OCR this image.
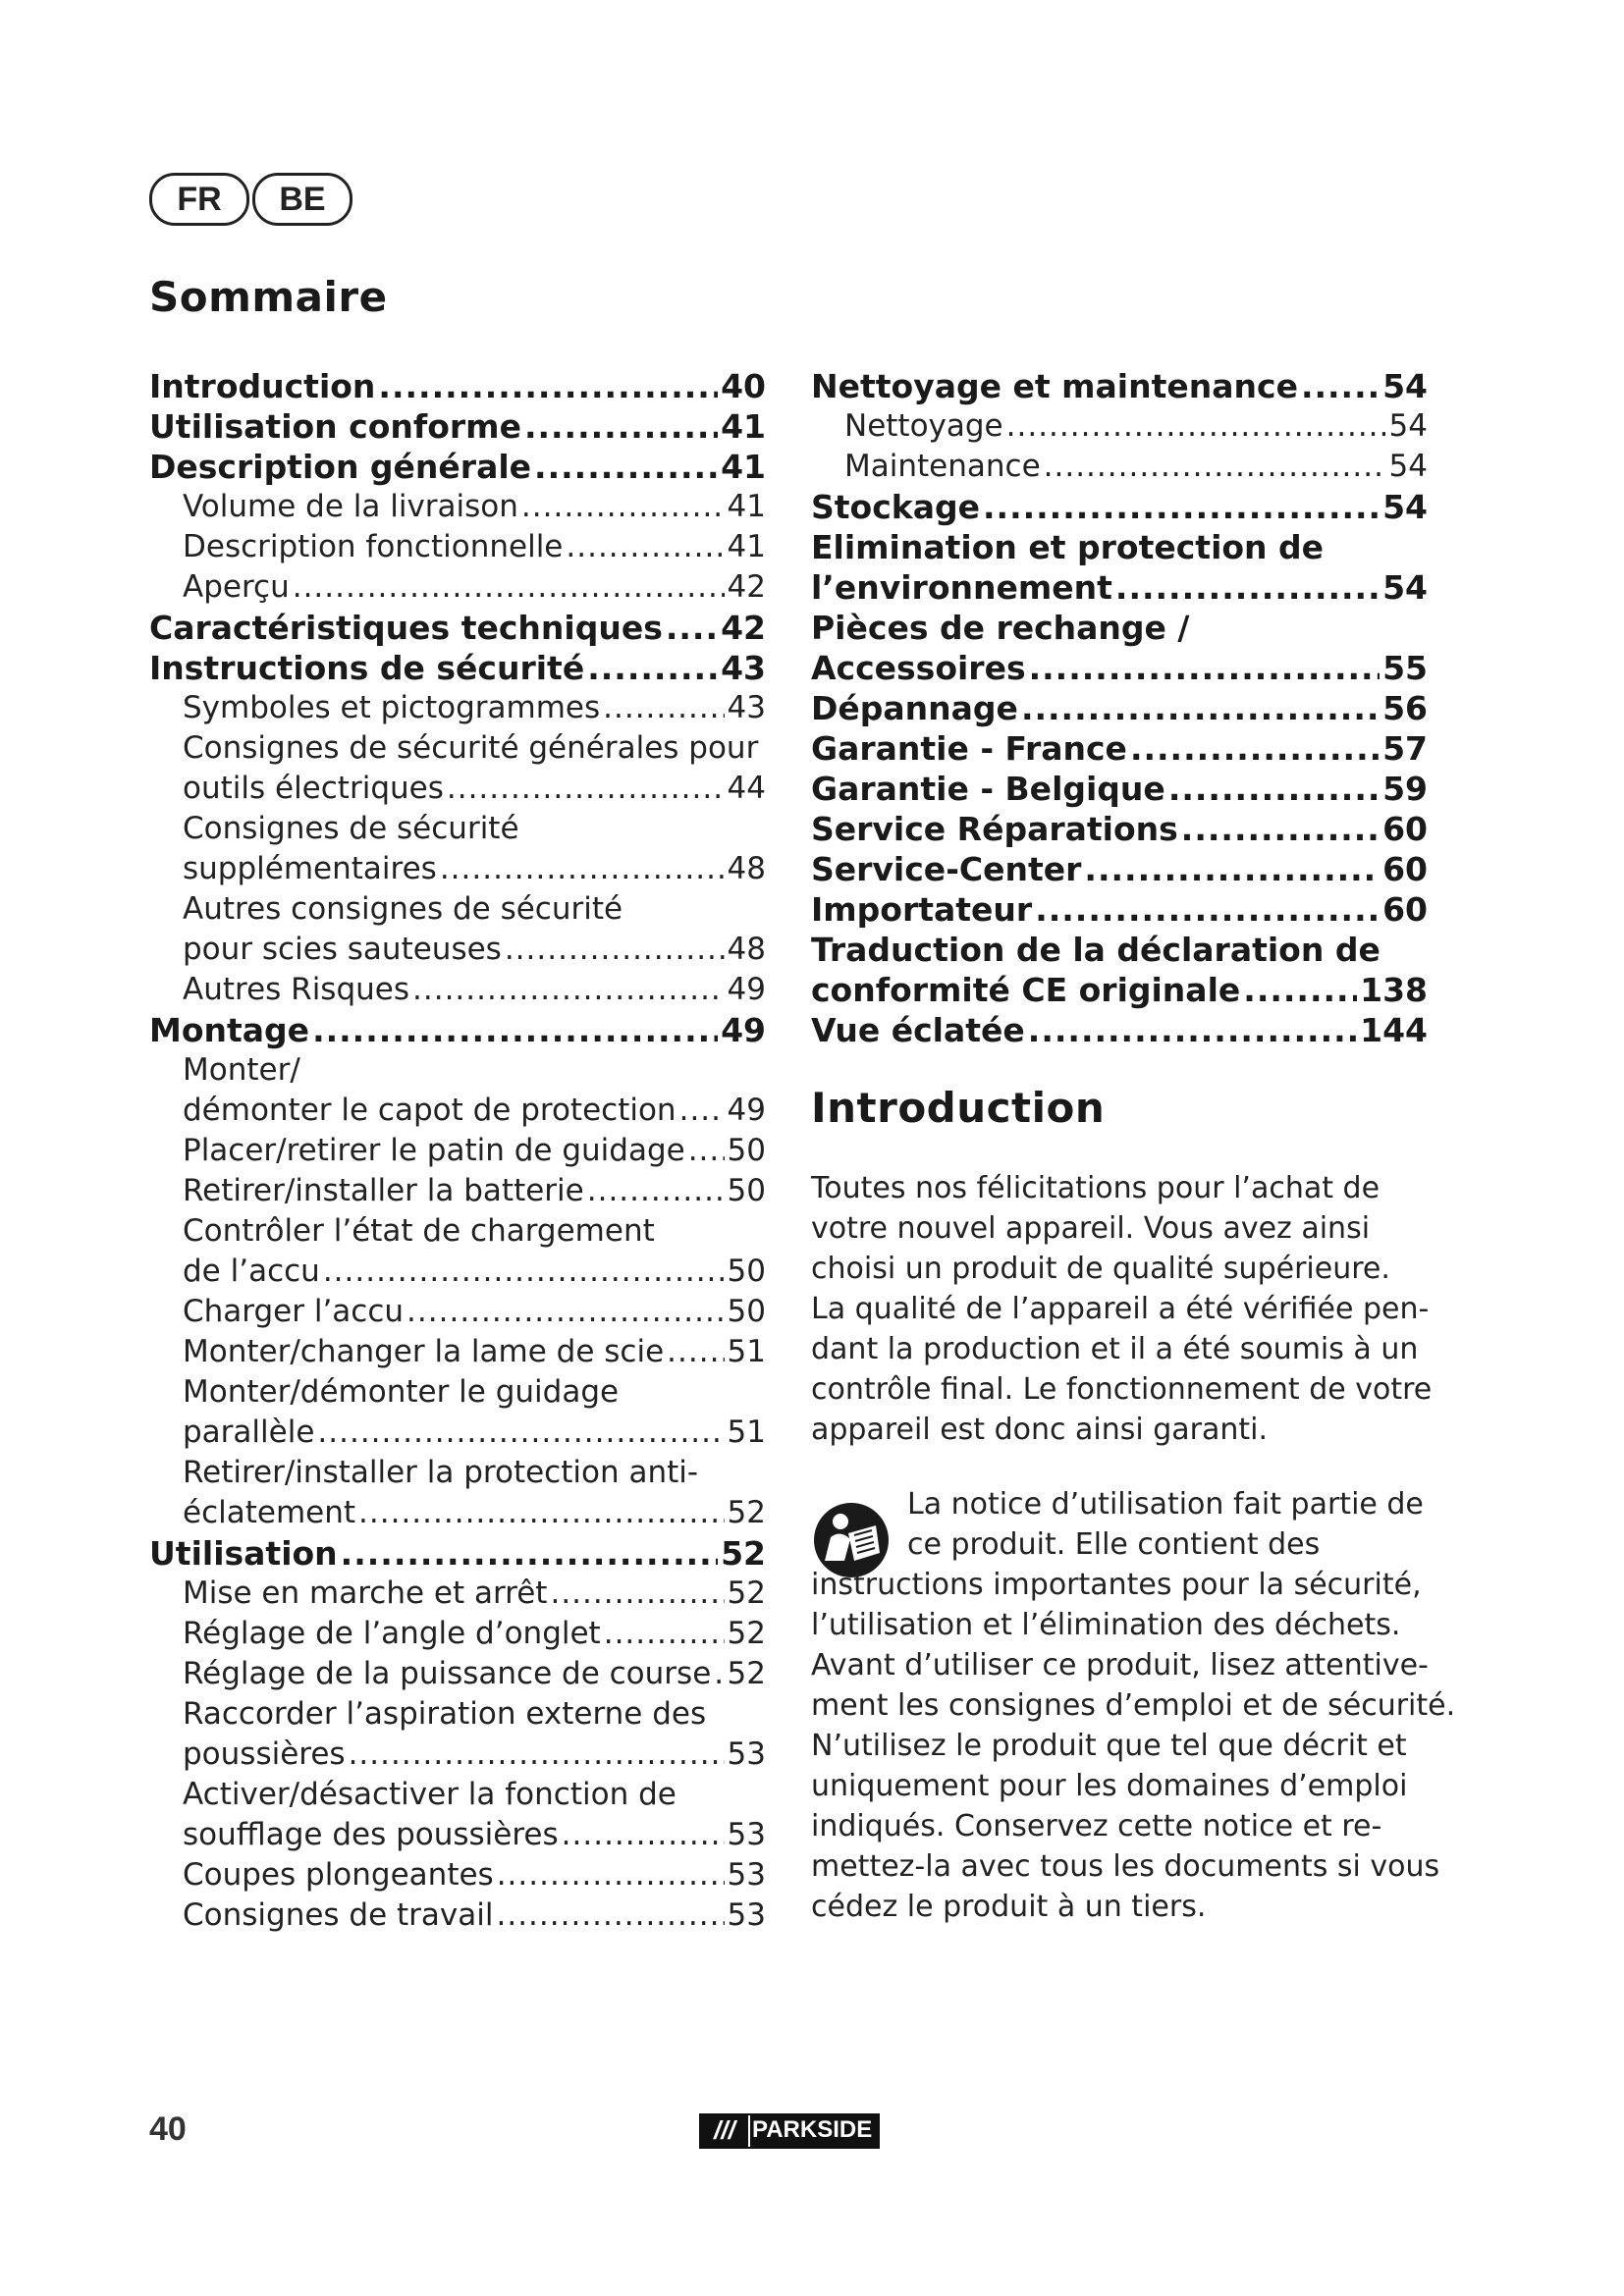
FR	BE
Sommaire
Introduction .....	40
Utilisation conforme .....	41
Description générale .....	41
Volume de la livraison .....	41
Description fonctionnelle .....	41
Aperçu .....	42
Caractéristiques techniques ..... 42
Instructions de sécurité .....	43
Symboles et pictogrammes .....	43
Consignes de sécurité générales pour
outils électriques .....	44
Consignes de sécurité
supplémentaires .....	48
Autres consignes de sécurité
pour scies sauteuses .....	48
Autres Risques .....	49
Montage .....	49
Monter/
démonter le capot de protection ..... 49
Placer/retirer le patin de guidage ..... 50
Retirer/installer la batterie .....	50
Contrôler l’état de chargement
de l’accu .....	50
Charger l’accu .....	50
Monter/changer la lame de scie ..... 51
Monter/démonter le guidage
parallèle .....	51
Retirer/installer la protection anti-
éclatement .....	52
Utilisation .....	52
Mise en marche et arrêt .....	52
Réglage de l’angle d’onglet .....	52
Réglage de la puissance de course ..... 52
Raccorder l’aspiration externe des
poussières .....	53
Activer/désactiver la fonction de
soufflage des poussières .....	53
Coupes plongeantes .....	53
Consignes de travail .....	53
Nettoyage et maintenance .....	54
Nettoyage .....	54
Maintenance .....	54
Stockage .....	54
Elimination et protection de
l’environnement .....	54
Pièces de rechange /
Accessoires .....	55
Dépannage .....	56
Garantie - France .....	57
Garantie - Belgique .....	59
Service Réparations .....	60
Service-Center .....	60
Importateur .....	60
Traduction de la déclaration de
conformité CE originale .....	138
Vue éclatée .....	144
Introduction
Toutes nos félicitations pour l’achat de
votre nouvel appareil. Vous avez ainsi
choisi un produit de qualité supérieure.
La qualité de l’appareil a été vérifiée pen-
dant la production et il a été soumis à un
contrôle final. Le fonctionnement de votre
appareil est donc ainsi garanti.
La notice d’utilisation fait partie de
ce produit. Elle contient des
instructions importantes pour la sécurité,
l’utilisation et l’élimination des déchets.
Avant d’utiliser ce produit, lisez attentive-
ment les consignes d’emploi et de sécurité.
N’utilisez le produit que tel que décrit et
uniquement pour les domaines d’emploi
indiqués. Conservez cette notice et re-
mettez-la avec tous les documents si vous
cédez le produit à un tiers.
40	/// PARKSIDE
